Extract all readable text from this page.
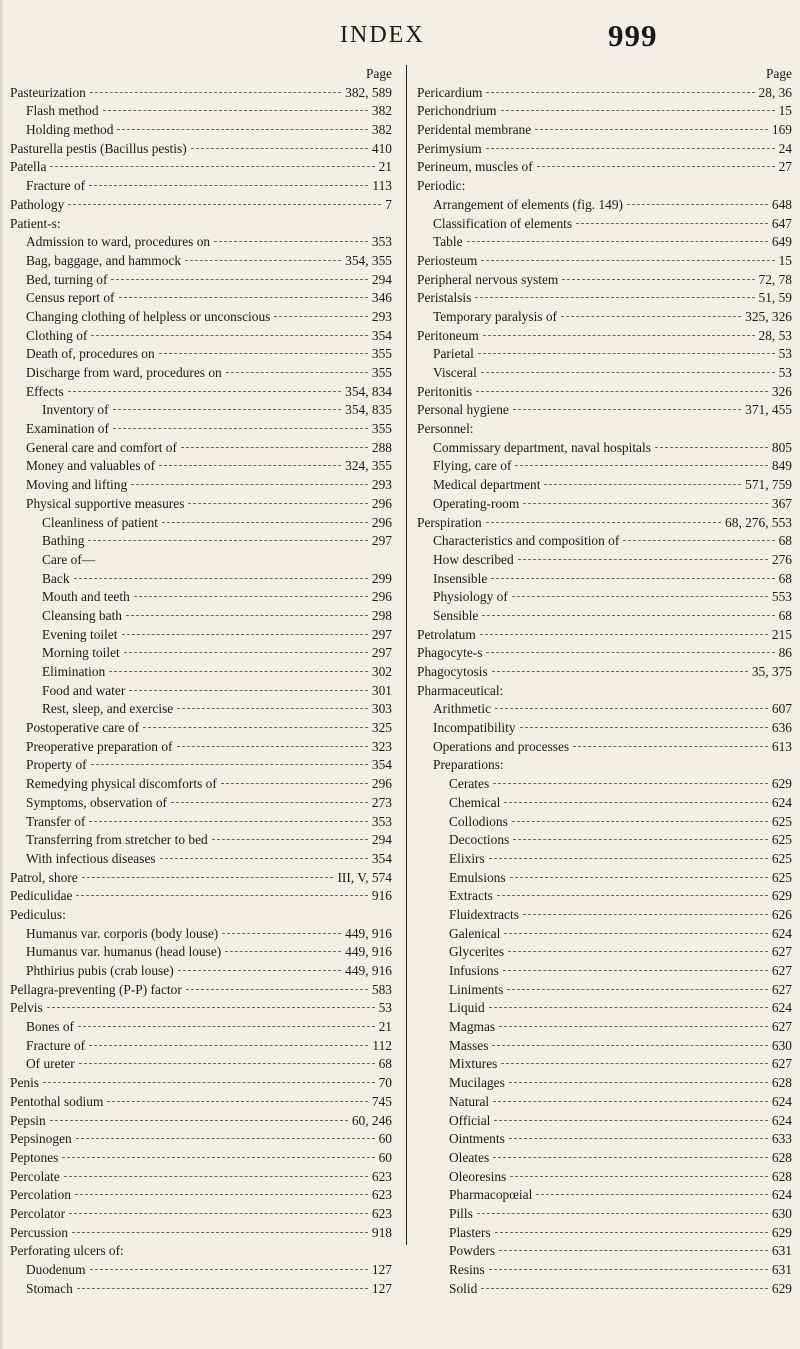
INDEX	999
Page
Pasteurization	382, 589
Flash method	382
Holding method	382
Pasturella pestis (Bacillus pestis)	410
Patella	21
Fracture of	113
Pathology	7
Patient-s:
Admission to ward, procedures on	353
Bag, baggage, and hammock	354, 355
Bed, turning of	294
Census report of	346
Changing clothing of helpless or unconscious	293
Clothing of	354
Death of, procedures on	355
Discharge from ward, procedures on	355
Effects	354, 834
Inventory of	354, 835
Examination of	355
General care and comfort of	288
Money and valuables of	324, 355
Moving and lifting	293
Physical supportive measures	296
Cleanliness of patient	296
Bathing	297
Care of—
Back	299
Mouth and teeth	296
Cleansing bath	298
Evening toilet	297
Morning toilet	297
Elimination	302
Food and water	301
Rest, sleep, and exercise	303
Postoperative care of	325
Preoperative preparation of	323
Property of	354
Remedying physical discomforts of	296
Symptoms, observation of	273
Transfer of	353
Transferring from stretcher to bed	294
With infectious diseases	354
Patrol, shore	III, V, 574
Pediculidae	916
Pediculus:
Humanus var. corporis (body louse)	449, 916
Humanus var. humanus (head louse)	449, 916
Phthirius pubis (crab louse)	449, 916
Pellagra-preventing (P-P) factor	583
Pelvis	53
Bones of	21
Fracture of	112
Of ureter	68
Penis	70
Pentothal sodium	745
Pepsin	60, 246
Pepsinogen	60
Peptones	60
Percolate	623
Percolation	623
Percolator	623
Percussion	918
Perforating ulcers of:
Duodenum	127
Stomach	127
Page
Pericardium	28, 36
Perichondrium	15
Peridental membrane	169
Perimysium	24
Perineum, muscles of	27
Periodic:
Arrangement of elements (fig. 149)	648
Classification of elements	647
Table	649
Periosteum	15
Peripheral nervous system	72, 78
Peristalsis	51, 59
Temporary paralysis of	325, 326
Peritoneum	28, 53
Parietal	53
Visceral	53
Peritonitis	326
Personal hygiene	371, 455
Personnel:
Commissary department, naval hospitals	805
Flying, care of	849
Medical department	571, 759
Operating-room	367
Perspiration	68, 276, 553
Characteristics and composition of	68
How described	276
Insensible	68
Physiology of	553
Sensible	68
Petrolatum	215
Phagocyte-s	86
Phagocytosis	35, 375
Pharmaceutical:
Arithmetic	607
Incompatibility	636
Operations and processes	613
Preparations:
Cerates	629
Chemical	624
Collodions	625
Decoctions	625
Elixirs	625
Emulsions	625
Extracts	629
Fluidextracts	626
Galenical	624
Glycerites	627
Infusions	627
Liniments	627
Liquid	624
Magmas	627
Masses	630
Mixtures	627
Mucilages	628
Natural	624
Official	624
Ointments	633
Oleates	628
Oleoresins	628
Pharmacopœial	624
Pills	630
Plasters	629
Powders	631
Resins	631
Solid	629
